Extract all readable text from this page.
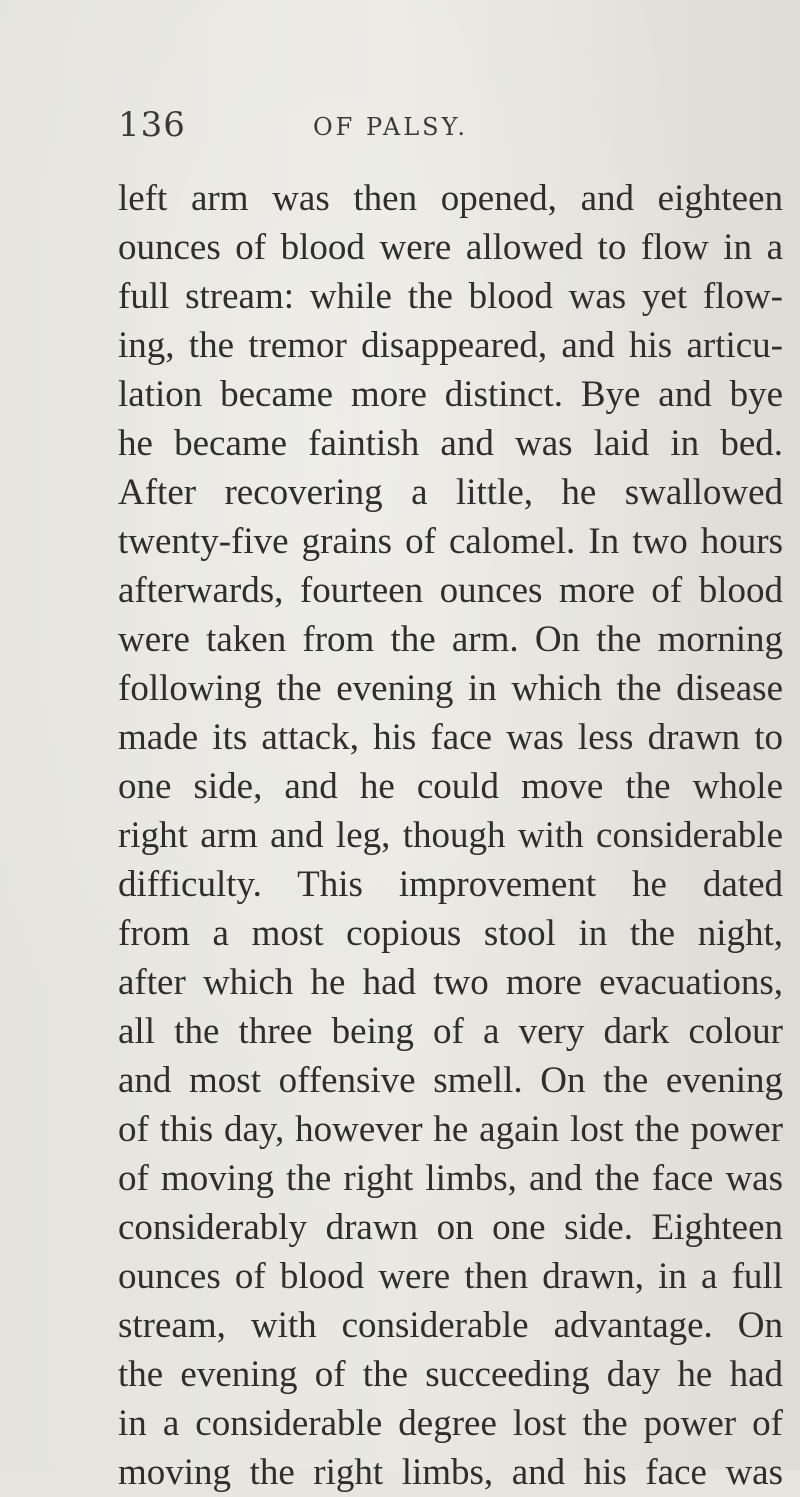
136	OF PALSY.
left arm was then opened, and eighteen
ounces of blood were allowed to flow in a
full stream: while the blood was yet flow-
ing, the tremor disappeared, and his articu-
lation became more distinct. Bye and bye
he became faintish and was laid in bed.
After recovering a little, he swallowed
twenty-five grains of calomel. In two hours
afterwards, fourteen ounces more of blood
were taken from the arm. On the morning
following the evening in which the disease
made its attack, his face was less drawn to
one side, and he could move the whole
right arm and leg, though with considerable
difficulty. This improvement he dated
from a most copious stool in the night,
after which he had two more evacuations,
all the three being of a very dark colour
and most offensive smell. On the evening
of this day, however he again lost the power
of moving the right limbs, and the face was
considerably drawn on one side. Eighteen
ounces of blood were then drawn, in a full
stream, with considerable advantage. On
the evening of the succeeding day he had
in a considerable degree lost the power of
moving the right limbs, and his face was
